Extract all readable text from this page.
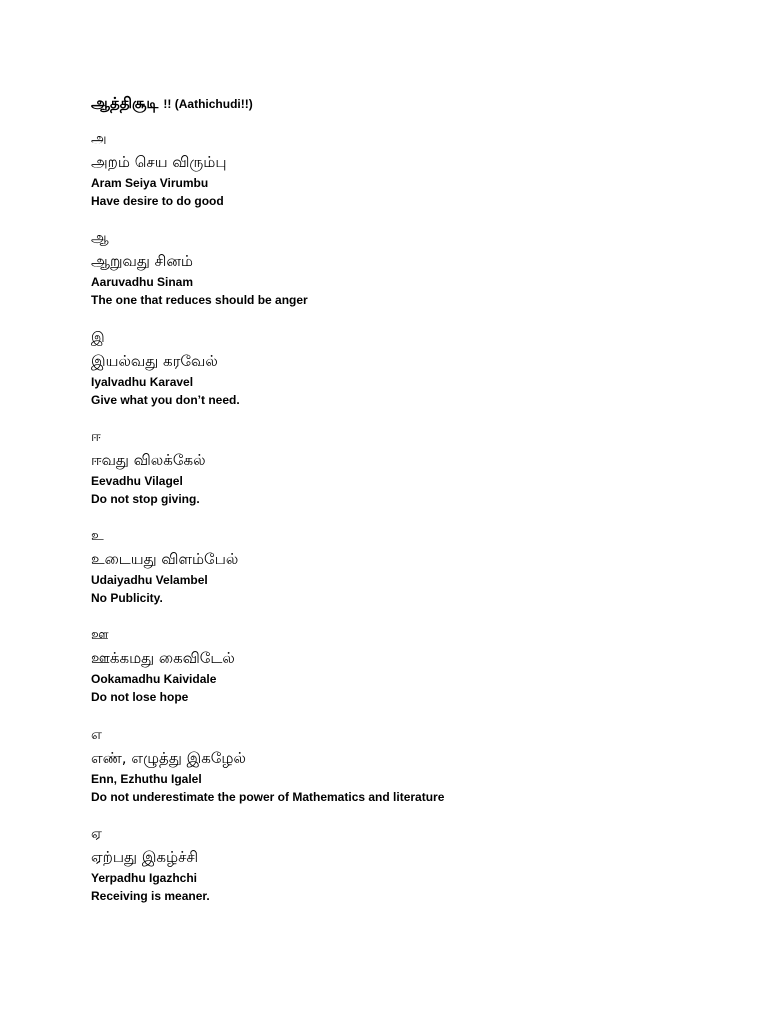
ஆத்திசூடி !! (Aathichudi!!)
அ
அறம் செய விரும்பு
Aram Seiya Virumbu
Have desire to do good
ஆ
ஆறுவது சினம்
Aaruvadhu Sinam
The one that reduces should be anger
இ
இயல்வது கரவேல்
Iyalvadhu Karavel
Give what you don’t need.
ஈ
ஈவது விலக்கேல்
Eevadhu Vilagel
Do not stop giving.
உ
உடையது விளம்பேல்
Udaiyadhu Velambel
No Publicity.
ஊ
ஊக்கமது கைவிடேல்
Ookamadhu Kaividale
Do not lose hope
எ
எண், எழுத்து இகழேல்
Enn, Ezhuthu Igalel
Do not underestimate the power of Mathematics and literature
ஏ
ஏற்பது இகழ்ச்சி
Yerpadhu Igazhchi
Receiving is meaner.
